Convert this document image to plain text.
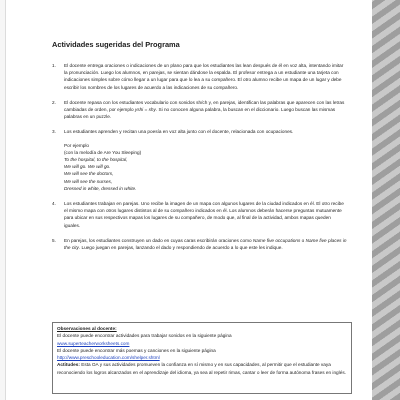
Actividades sugeridas del Programa
1.	El docente entrega oraciones o indicaciones de un plano para que los estudiantes las lean después de él en voz alta, intentando imitar la pronunciación. Luego los alumnos, en parejas, se sientan dándose la espalda. El profesor entrega a un estudiante una tarjeta con indicaciones simples sobre cómo llegar a un lugar para que lo lea a su compañero. El otro alumno recibe un mapa de un lugar y debe escribir los nombres de los lugares de acuerdo a las indicaciones de su compañero.

2.	El docente repasa con los estudiantes vocabulario con sonidos sh/ch y, en parejas, identifican las palabras que aparecen con las letras cambiadas de orden, por ejemplo yshi = shy. Si no conocen alguna palabra, la buscan en el diccionario. Luego buscan las mismas palabras en un puzzle.

3.	Los estudiantes aprenden y recitan una poesía en voz alta junto con el docente, relacionada con ocupaciones.

Por ejemplo
(con la melodía de Are You Sleeping)
To the hospital, to the hospital,
We will go. We will go.
We will see the doctors,
We will see the nurses,
Dressed in white, dressed in white.
4.	Los estudiantes trabajan en parejas. Uno recibe la imagen de un mapa con algunos lugares de la ciudad indicados en él. El otro recibe el mismo mapa con otros lugares distintos al de su compañero indicados en él. Los alumnos deberán hacerse preguntas mutuamente para ubicar en sus respectivos mapas los lugares de su compañero, de modo que, al final de la actividad, ambos mapas queden iguales.

5.	En parejas, los estudiantes construyen un dado en cuyas caras escribirán oraciones como Name five occupations o Name five places in the city. Luego juegan en parejas, lanzando el dado y respondiendo de acuerdo a lo que este les indique.

Observaciones al docente:
El docente puede encontrar actividades para trabajar sonidos en la siguiente página
www.superteacherworksheets.com
El docente puede encontrar más poemas y canciones en la siguiente página
http://www.preschooleducation.com/shelper.shtml
Actitudes: Esta OA y sus actividades promueven la confianza en sí mismo y en sus capacidades, al permitir que el estudiante vaya reconociendo los logros alcanzados en el aprendizaje del idioma, ya sea al repetir rimas, cantar o leer de forma autónoma frases en inglés.
